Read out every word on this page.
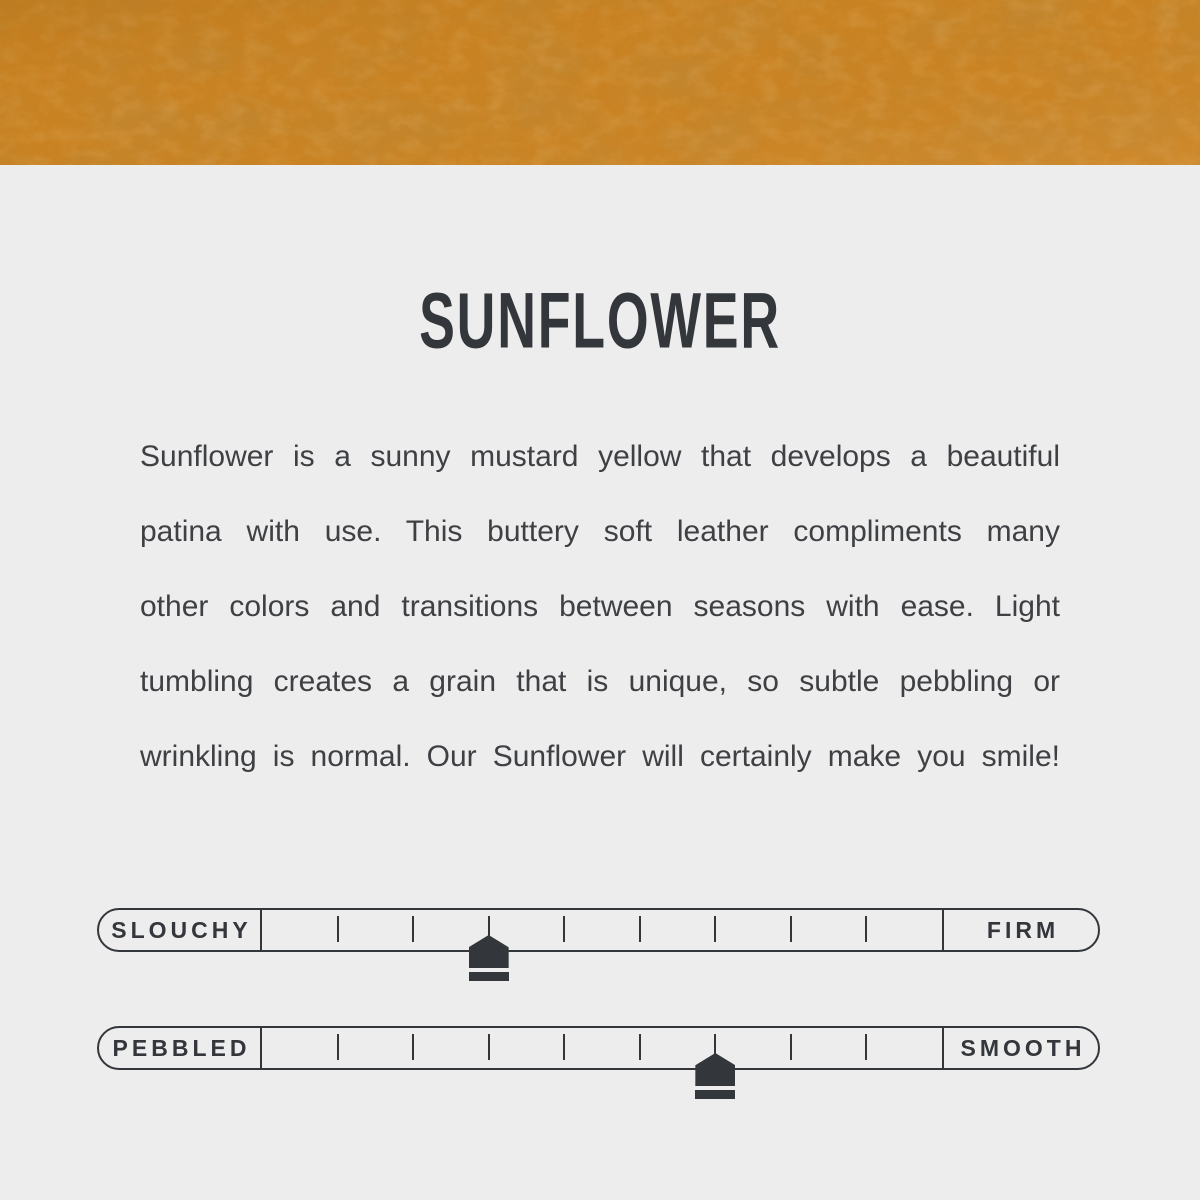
SUNFLOWER
Sunflower is a sunny mustard yellow that develops a beautiful
patina with use. This buttery soft leather compliments many
other colors and transitions between seasons with ease. Light
tumbling creates a grain that is unique, so subtle pebbling or
wrinkling is normal. Our Sunflower will certainly make you smile!
SLOUCHY	FIRM
PEBBLED	SMOOTH
